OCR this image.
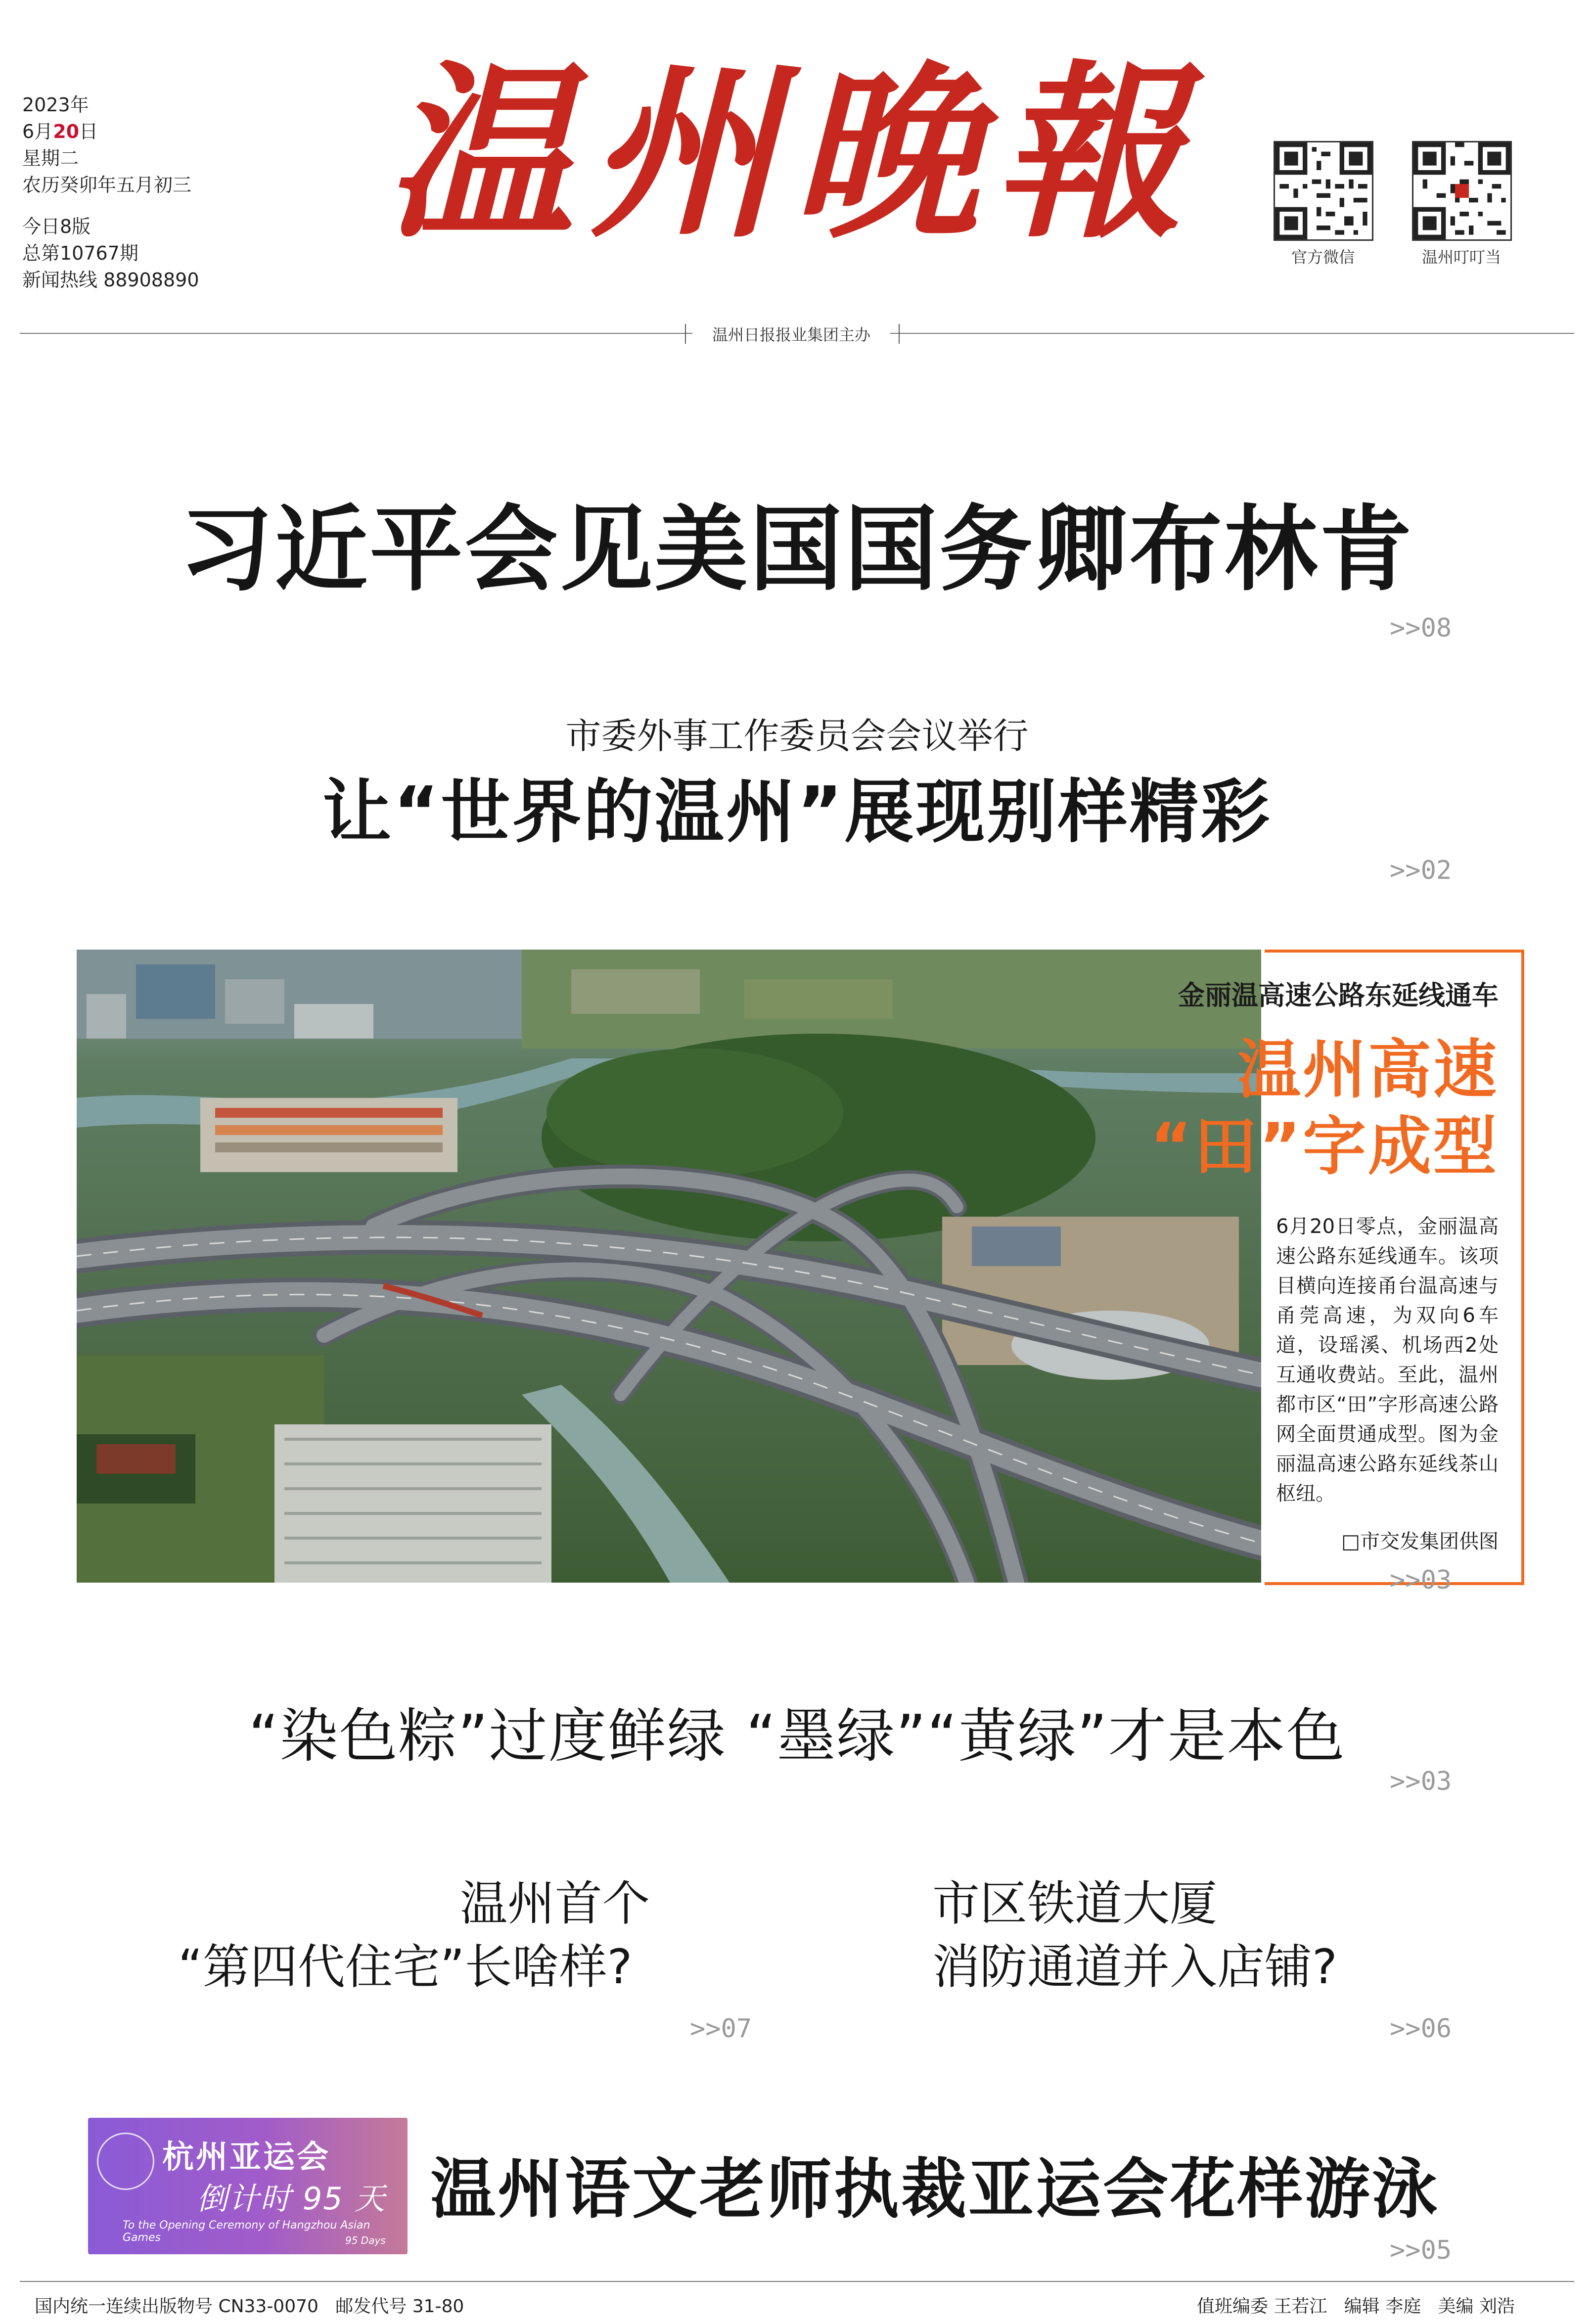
2023年
6月20日
星期二
农历癸卯年五月初三
今日8版
总第10767期
新闻热线 88908890
温州晚報	官方微信	温州叮叮当
温州日报报业集团主办
习近平会见美国国务卿布林肯
>>08
市委外事工作委员会会议举行
让“世界的温州”展现别样精彩
>>02
金丽温高速公路东延线通车
温州高速
“田”字成型
6月20日零点，金丽温高速公路东延线通车。该项目横向连接甬台温高速与甬莞高速，为双向6车道，设瑶溪、机场西2处互通收费站。至此，温州都市区“田”字形高速公路网全面贯通成型。图为金丽温高速公路东延线茶山枢纽。
□市交发集团供图
>>03
“染色粽”过度鲜绿 “墨绿”“黄绿”才是本色
>>03
温州首个
“第四代住宅”长啥样?
>>07
市区铁道大厦
消防通道并入店铺?
>>06
杭州亚运会
倒计时 95 天
To the Opening Ceremony of Hangzhou Asian Games	95 Days
温州语文老师执裁亚运会花样游泳
>>05
国内统一连续出版物号 CN33-0070   邮发代号 31-80	值班编委 王若江   编辑 李庭   美编 刘浩
